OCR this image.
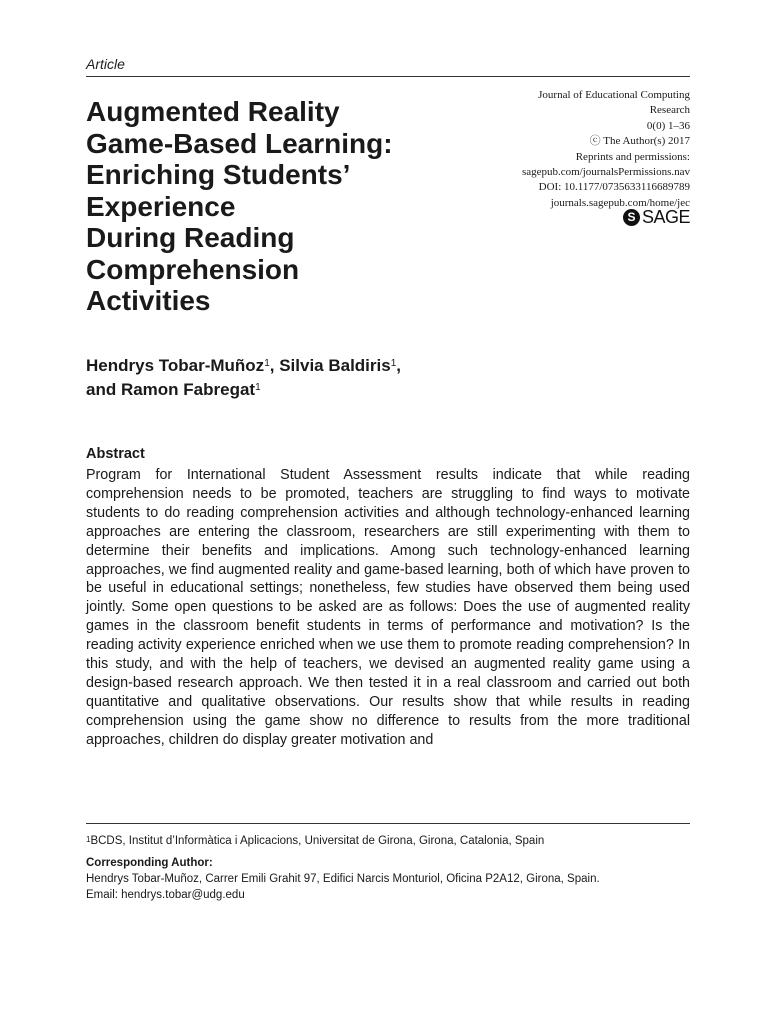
Article
Augmented Reality
Game-Based Learning:
Enriching Students’
Experience
During Reading
Comprehension
Activities
Journal of Educational Computing
Research
0(0) 1–36
ⓒ The Author(s) 2017
Reprints and permissions:
sagepub.com/journalsPermissions.nav
DOI: 10.1177/0735633116689789
journals.sagepub.com/home/jec
S SAGE
Hendrys Tobar-Muñoz$^1$, Silvia Baldiris$^1$,
and Ramon Fabregat$^1$
Abstract

Program for International Student Assessment results indicate that while reading comprehension needs to be promoted, teachers are struggling to find ways to motivate students to do reading comprehension activities and although technology-enhanced learning approaches are entering the classroom, researchers are still experimenting with them to determine their benefits and implications. Among such technology-enhanced learning approaches, we find augmented reality and game-based learning, both of which have proven to be useful in educational settings; nonetheless, few studies have observed them being used jointly. Some open questions to be asked are as follows: Does the use of augmented reality games in the classroom benefit students in terms of performance and motivation? Is the reading activity experience enriched when we use them to promote reading comprehension? In this study, and with the help of teachers, we devised an augmented reality game using a design-based research approach. We then tested it in a real classroom and carried out both quantitative and qualitative observations. Our results show that while results in reading comprehension using the game show no difference to results from the more traditional approaches, children do display greater motivation and

$^1$BCDS, Institut d’Informàtica i Aplicacions, Universitat de Girona, Girona, Catalonia, Spain
Corresponding Author:
Hendrys Tobar-Muñoz, Carrer Emili Grahit 97, Edifici Narcis Monturiol, Oficina P2A12, Girona, Spain.
Email: hendrys.tobar@udg.edu
